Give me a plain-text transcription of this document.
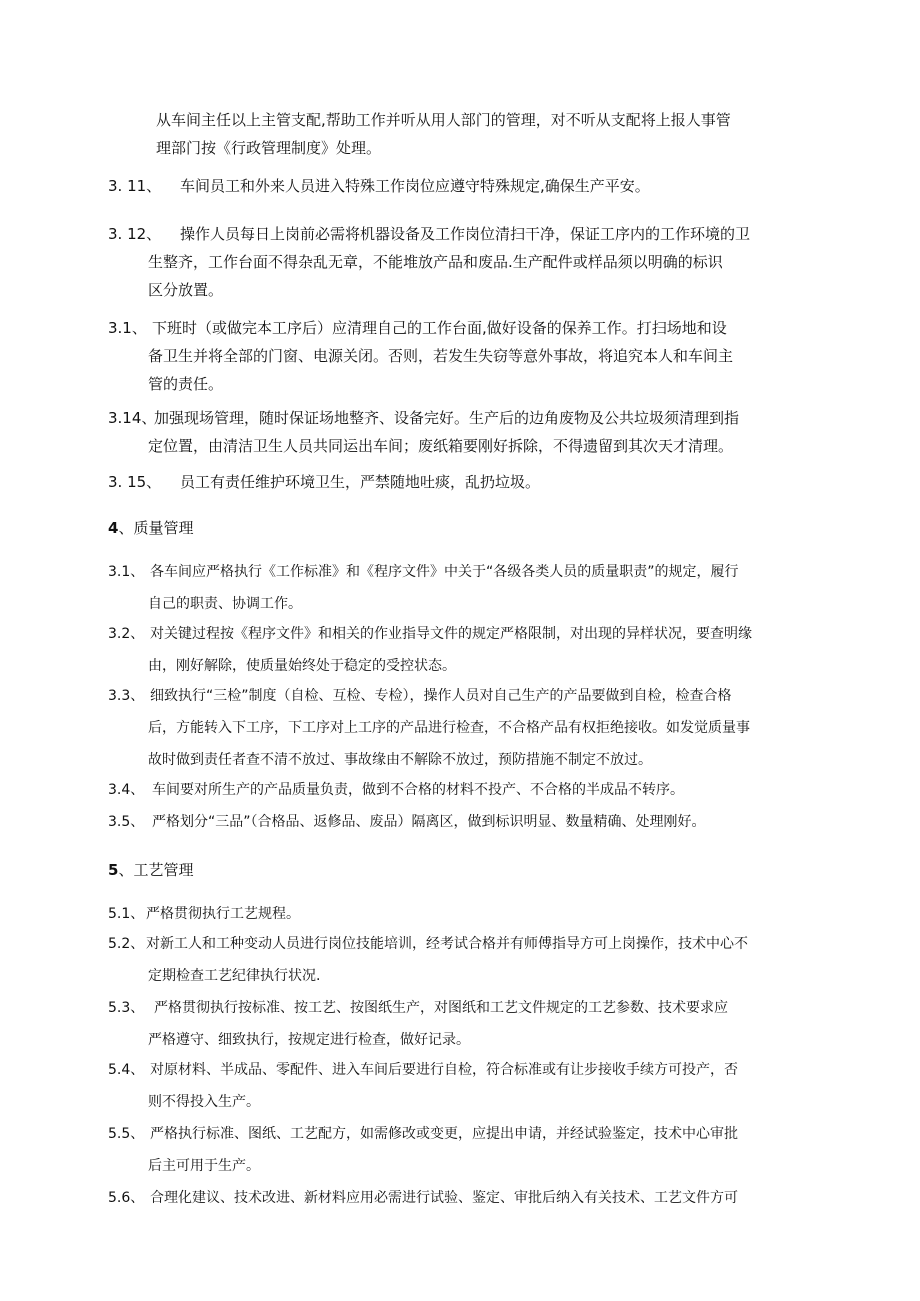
从车间主任以上主管支配,帮助工作并听从用人部门的管理，对不听从支配将上报人事管
理部门按《行政管理制度》处理。
3. 11、 车间员工和外来人员进入特殊工作岗位应遵守特殊规定,确保生产平安。
3. 12、 操作人员每日上岗前必需将机器设备及工作岗位清扫干净，保证工序内的工作环境的卫
生整齐，工作台面不得杂乱无章，不能堆放产品和废品.生产配件或样品须以明确的标识
区分放置。
3.1、 下班时（或做完本工序后）应清理自己的工作台面,做好设备的保养工作。打扫场地和设
备卫生并将全部的门窗、电源关闭。否则，若发生失窃等意外事故，将追究本人和车间主
管的责任。
3.14、
加强现场管理，随时保证场地整齐、设备完好。生产后的边角废物及公共垃圾须清理到指
定位置，由清洁卫生人员共同运出车间；废纸箱要刚好拆除，不得遗留到其次天才清理。
3. 15、 员工有责任维护环境卫生，严禁随地吐痰，乱扔垃圾。
4、质量管理
3.1、 各车间应严格执行《工作标准》和《程序文件》中关于“各级各类人员的质量职责”的规定，履行
自己的职责、协调工作。
3.2、 对关键过程按《程序文件》和相关的作业指导文件的规定严格限制，对出现的异样状况，要查明缘
由，刚好解除，使质量始终处于稳定的受控状态。
3.3、 细致执行“三检”制度（自检、互检、专检），操作人员对自己生产的产品要做到自检，检查合格
后，方能转入下工序，下工序对上工序的产品进行检查，不合格产品有权拒绝接收。如发觉质量事
故时做到责任者查不清不放过、事故缘由不解除不放过，预防措施不制定不放过。
3.4、 车间要对所生产的产品质量负责，做到不合格的材料不投产、不合格的半成品不转序。
3.5、 严格划分“三品”（合格品、返修品、废品）隔离区，做到标识明显、数量精确、处理刚好。
5、工艺管理
5.1、 严格贯彻执行工艺规程。
5.2、 对新工人和工种变动人员进行岗位技能培训，经考试合格并有师傅指导方可上岗操作，技术中心不
定期检查工艺纪律执行状况.
5.3、 严格贯彻执行按标准、按工艺、按图纸生产，对图纸和工艺文件规定的工艺参数、技术要求应
严格遵守、细致执行，按规定进行检查，做好记录。
5.4、 对原材料、半成品、零配件、进入车间后要进行自检，符合标准或有让步接收手续方可投产，否
则不得投入生产。
5.5、 严格执行标准、图纸、工艺配方，如需修改或变更，应提出申请，并经试验鉴定，技术中心审批
后主可用于生产。
5.6、 合理化建议、技术改进、新材料应用必需进行试验、鉴定、审批后纳入有关技术、工艺文件方可
